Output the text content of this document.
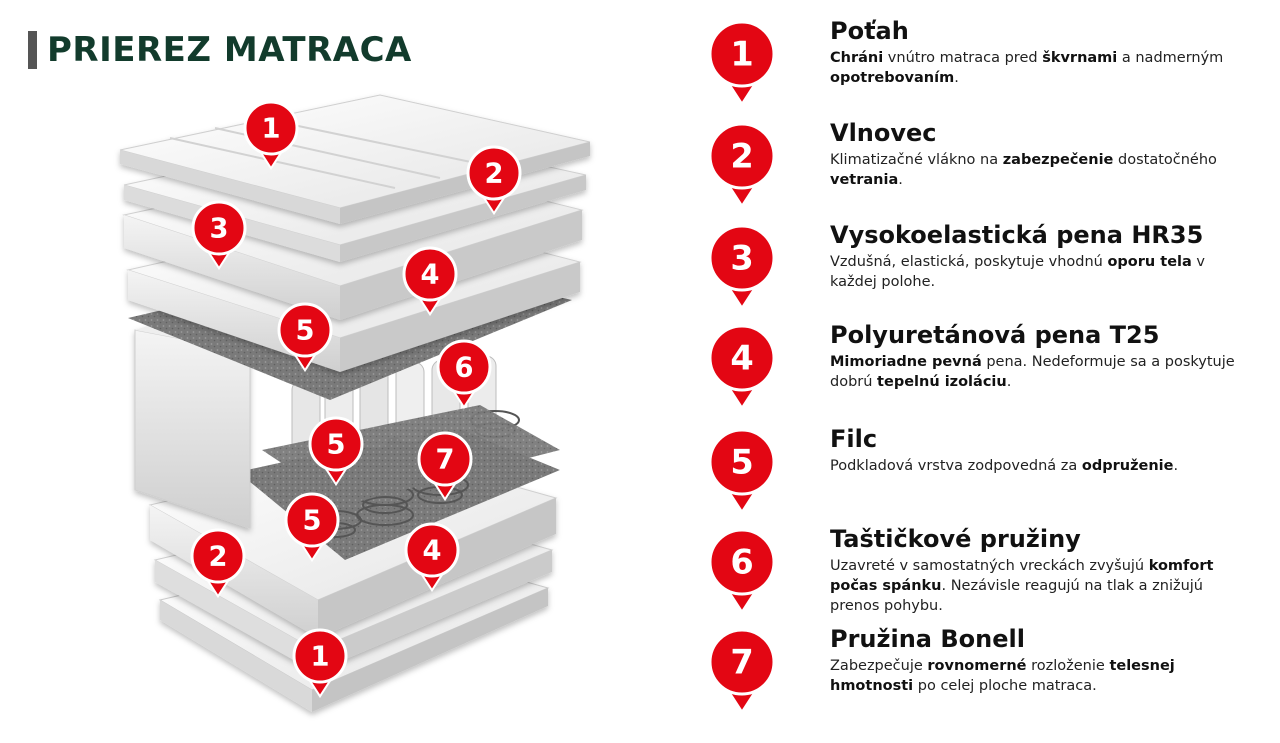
PRIEREZ MATRACA
1
2
3
4
5
6
5	7
5
4
2
1
1
Poťah
Chráni vnútro matraca pred škvrnami a nadmerným opotrebovaním.
2
Vlnovec
Klimatizačné vlákno na zabezpečenie dostatočného vetrania.
3
Vysokoelastická pena HR35
Vzdušná, elastická, poskytuje vhodnú oporu tela v každej polohe.
4
Polyuretánová pena T25
Mimoriadne pevná pena. Nedeformuje sa a poskytuje dobrú tepelnú izoláciu.
5
Filc
Podkladová vrstva zodpovedná za odpruženie.
6
Taštičkové pružiny
Uzavreté v samostatných vreckách zvyšujú komfort počas spánku. Nezávisle reagujú na tlak a znižujú prenos pohybu.
7
Pružina Bonell
Zabezpečuje rovnomerné rozloženie telesnej hmotnosti po celej ploche matraca.
